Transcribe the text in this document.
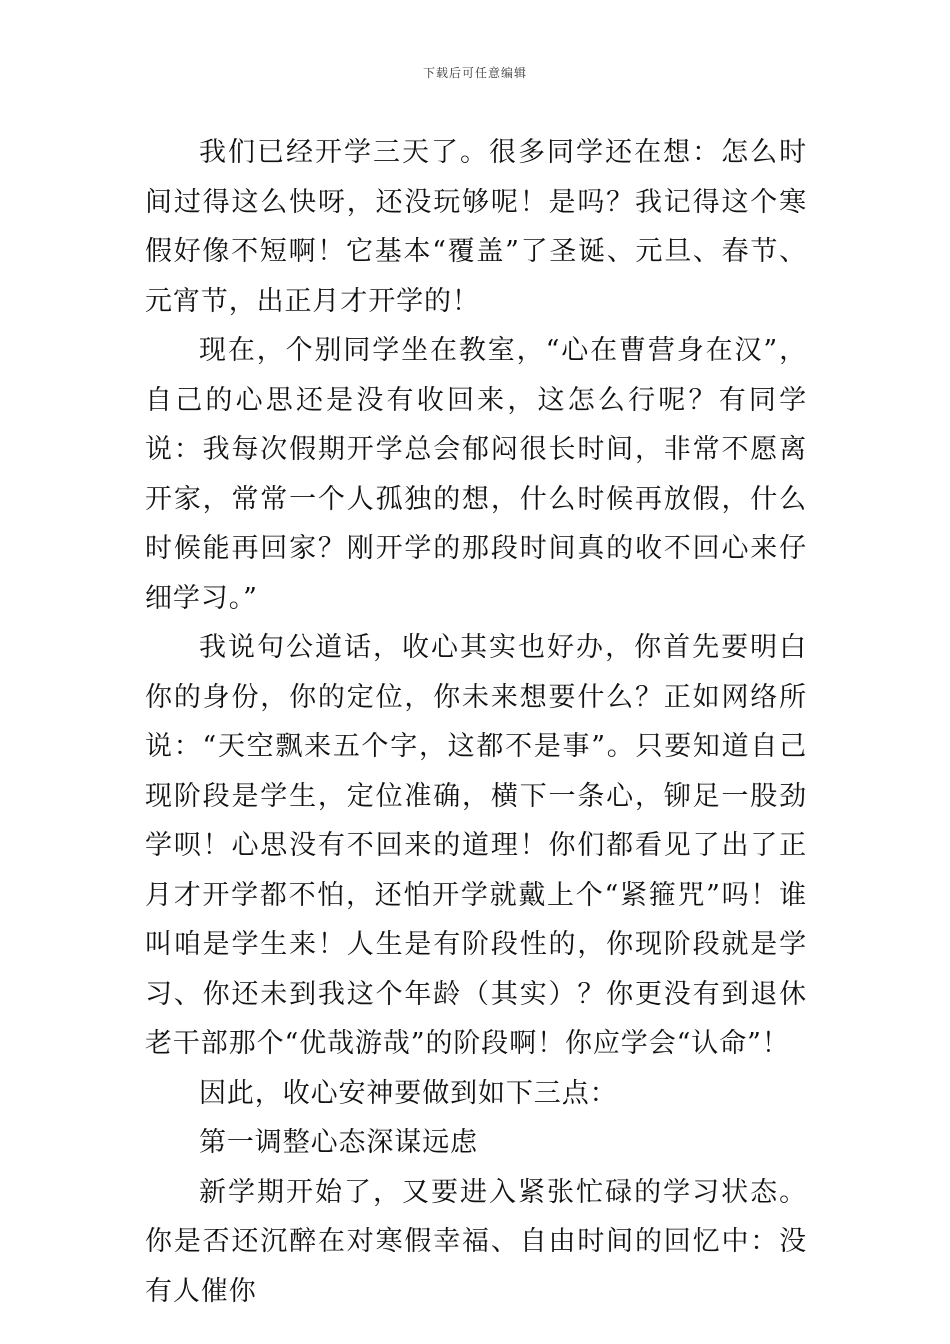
下载后可任意编辑

我们已经开学三天了。很多同学还在想：怎么时间过得这么快呀，还没玩够呢！是吗？我记得这个寒假好像不短啊！它基本“覆盖”了圣诞、元旦、春节、元宵节，出正月才开学的！

现在，个别同学坐在教室，“心在曹营身在汉”，自己的心思还是没有收回来，这怎么行呢？有同学说：我每次假期开学总会郁闷很长时间，非常不愿离开家，常常一个人孤独的想，什么时候再放假，什么时候能再回家？刚开学的那段时间真的收不回心来仔细学习。”

我说句公道话，收心其实也好办，你首先要明白你的身份，你的定位，你未来想要什么？正如网络所说：“天空飘来五个字，这都不是事”。只要知道自己现阶段是学生，定位准确，横下一条心，铆足一股劲学呗！心思没有不回来的道理！你们都看见了出了正月才开学都不怕，还怕开学就戴上个“紧箍咒”吗！谁叫咱是学生来！人生是有阶段性的，你现阶段就是学习、你还未到我这个年龄（其实）？你更没有到退休老干部那个“优哉游哉”的阶段啊！你应学会“认命”！

因此，收心安神要做到如下三点：

第一调整心态深谋远虑

新学期开始了，又要进入紧张忙碌的学习状态。你是否还沉醉在对寒假幸福、自由时间的回忆中：没有人催你
